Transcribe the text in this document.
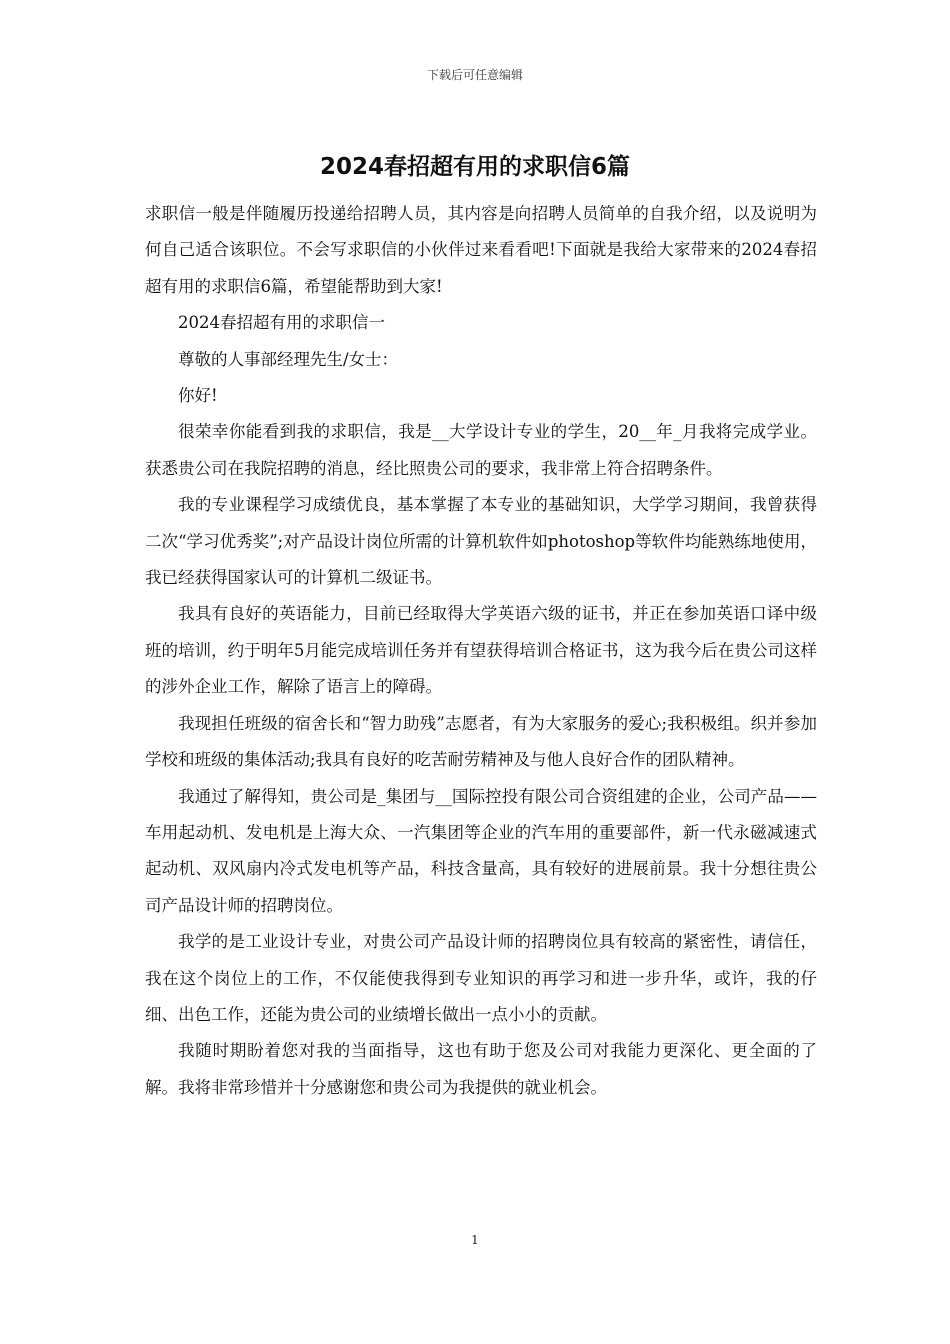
下载后可任意编辑
2024春招超有用的求职信6篇

求职信一般是伴随履历投递给招聘人员，其内容是向招聘人员简单的自我介绍，以及说明为何自己适合该职位。不会写求职信的小伙伴过来看看吧!下面就是我给大家带来的2024春招超有用的求职信6篇，希望能帮助到大家!

2024春招超有用的求职信一

尊敬的人事部经理先生/女士：

你好!

很荣幸你能看到我的求职信，我是__大学设计专业的学生，20__年_月我将完成学业。获悉贵公司在我院招聘的消息，经比照贵公司的要求，我非常上符合招聘条件。

我的专业课程学习成绩优良，基本掌握了本专业的基础知识，大学学习期间，我曾获得二次“学习优秀奖”;对产品设计岗位所需的计算机软件如photoshop等软件均能熟练地使用，我已经获得国家认可的计算机二级证书。

我具有良好的英语能力，目前已经取得大学英语六级的证书，并正在参加英语口译中级班的培训，约于明年5月能完成培训任务并有望获得培训合格证书，这为我今后在贵公司这样的涉外企业工作，解除了语言上的障碍。

我现担任班级的宿舍长和“智力助残”志愿者，有为大家服务的爱心;我积极组。织并参加学校和班级的集体活动;我具有良好的吃苦耐劳精神及与他人良好合作的团队精神。

我通过了解得知，贵公司是_集团与__国际控投有限公司合资组建的企业，公司产品——车用起动机、发电机是上海大众、一汽集团等企业的汽车用的重要部件，新一代永磁减速式起动机、双风扇内冷式发电机等产品，科技含量高，具有较好的进展前景。我十分想往贵公司产品设计师的招聘岗位。

我学的是工业设计专业，对贵公司产品设计师的招聘岗位具有较高的紧密性，请信任，我在这个岗位上的工作，不仅能使我得到专业知识的再学习和进一步升华，或许，我的仔细、出色工作，还能为贵公司的业绩增长做出一点小小的贡献。

我随时期盼着您对我的当面指导，这也有助于您及公司对我能力更深化、更全面的了解。我将非常珍惜并十分感谢您和贵公司为我提供的就业机会。

1
